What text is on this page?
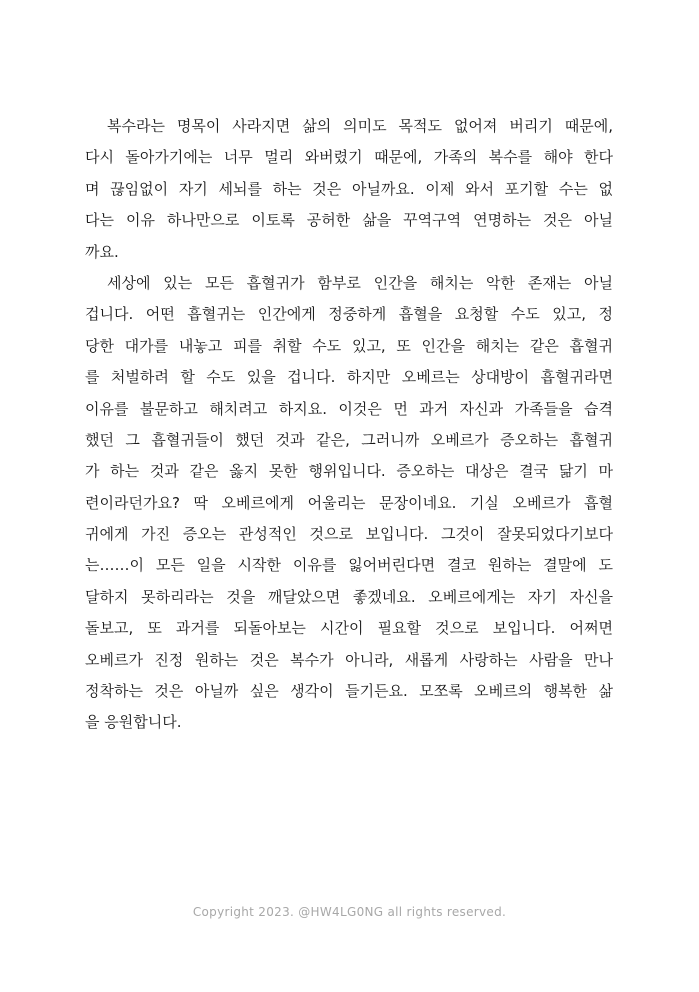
복수라는 명목이 사라지면 삶의 의미도 목적도 없어져 버리기 때문에,
다시 돌아가기에는 너무 멀리 와버렸기 때문에, 가족의 복수를 해야 한다
며 끊임없이 자기 세뇌를 하는 것은 아닐까요. 이제 와서 포기할 수는 없
다는 이유 하나만으로 이토록 공허한 삶을 꾸역구역 연명하는 것은 아닐
까요.
세상에 있는 모든 흡혈귀가 함부로 인간을 해치는 악한 존재는 아닐
겁니다. 어떤 흡혈귀는 인간에게 정중하게 흡혈을 요청할 수도 있고, 정
당한 대가를 내놓고 피를 취할 수도 있고, 또 인간을 해치는 같은 흡혈귀
를 처벌하려 할 수도 있을 겁니다. 하지만 오베르는 상대방이 흡혈귀라면
이유를 불문하고 해치려고 하지요. 이것은 먼 과거 자신과 가족들을 습격
했던 그 흡혈귀들이 했던 것과 같은, 그러니까 오베르가 증오하는 흡혈귀
가 하는 것과 같은 옳지 못한 행위입니다. 증오하는 대상은 결국 닮기 마
련이라던가요? 딱 오베르에게 어울리는 문장이네요. 기실 오베르가 흡혈
귀에게 가진 증오는 관성적인 것으로 보입니다. 그것이 잘못되었다기보다
는……이 모든 일을 시작한 이유를 잃어버린다면 결코 원하는 결말에 도
달하지 못하리라는 것을 깨달았으면 좋겠네요. 오베르에게는 자기 자신을
돌보고, 또 과거를 되돌아보는 시간이 필요할 것으로 보입니다. 어쩌면
오베르가 진정 원하는 것은 복수가 아니라, 새롭게 사랑하는 사람을 만나
정착하는 것은 아닐까 싶은 생각이 들기든요. 모쪼록 오베르의 행복한 삶
을 응원합니다.
Copyright 2023. @HW4LG0NG all rights reserved.
